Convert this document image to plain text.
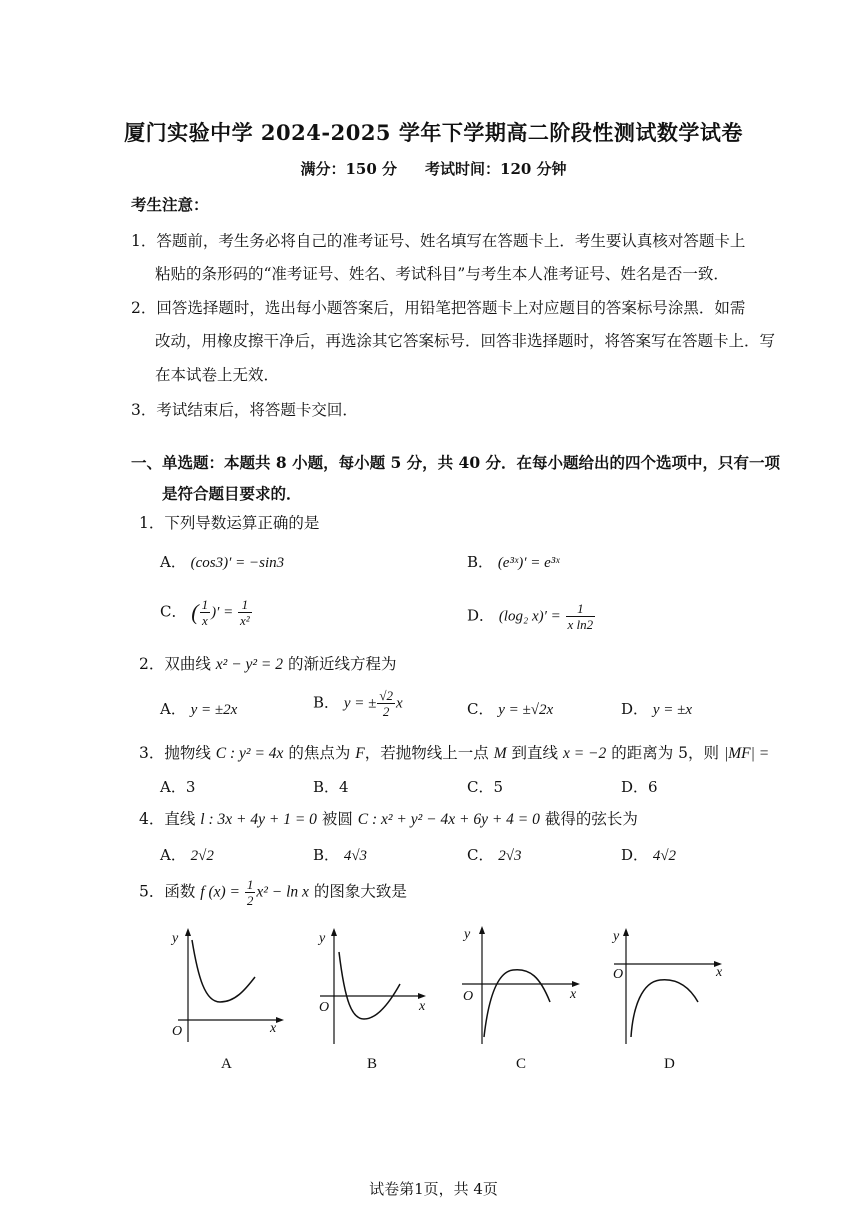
厦门实验中学 2024-2025 学年下学期高二阶段性测试数学试卷
满分：150 分 考试时间：120 分钟
考生注意：
1．答题前，考生务必将自己的准考证号、姓名填写在答题卡上．考生要认真核对答题卡上
粘贴的条形码的“准考证号、姓名、考试科目”与考生本人准考证号、姓名是否一致．
2．回答选择题时，选出每小题答案后，用铅笔把答题卡上对应题目的答案标号涂黑．如需
改动，用橡皮擦干净后，再选涂其它答案标号．回答非选择题时，将答案写在答题卡上．写
在本试卷上无效．
3．考试结束后，将答题卡交回．
一、单选题：本题共 8 小题，每小题 5 分，共 40 分．在每小题给出的四个选项中，只有一项
是符合题目要求的．
1．下列导数运算正确的是
A． (cos3)′ = −sin3	B． (e³ˣ)′ = e³ˣ
C． ( $\frac{1}{x}$ )′ = $\frac{1}{\text{x²}}$	D． (log₂ $x)' = \frac{1}{\text{x ln2}}$
2．双曲线 x² − y² = 2 的渐近线方程为
A． y = ±2x	B． y = ± $\frac{√2}{2}$ x	C． y = ±√2x	D． y = ±x
3．抛物线 C : y² = 4x 的焦点为 F，若抛物线上一点 M 到直线 x = −2 的距离为 5，则 |MF| =
A．3	B．4	C．5	D．6
4．直线 l : 3x + 4y + 1 = 0 被圆 C : x² + y² − 4x + 6y + 4 = 0 截得的弦长为
A． 2√2	B． 4√3	C． 2√3	D． 4√2
5．函数 f $(x) = \frac{1}{2} x^2 - \ln x$ 的图象大致是
y
x
O
A
y
x
O
B
y
x
O
C
y
x
O
D
试卷第1页，共 4页
